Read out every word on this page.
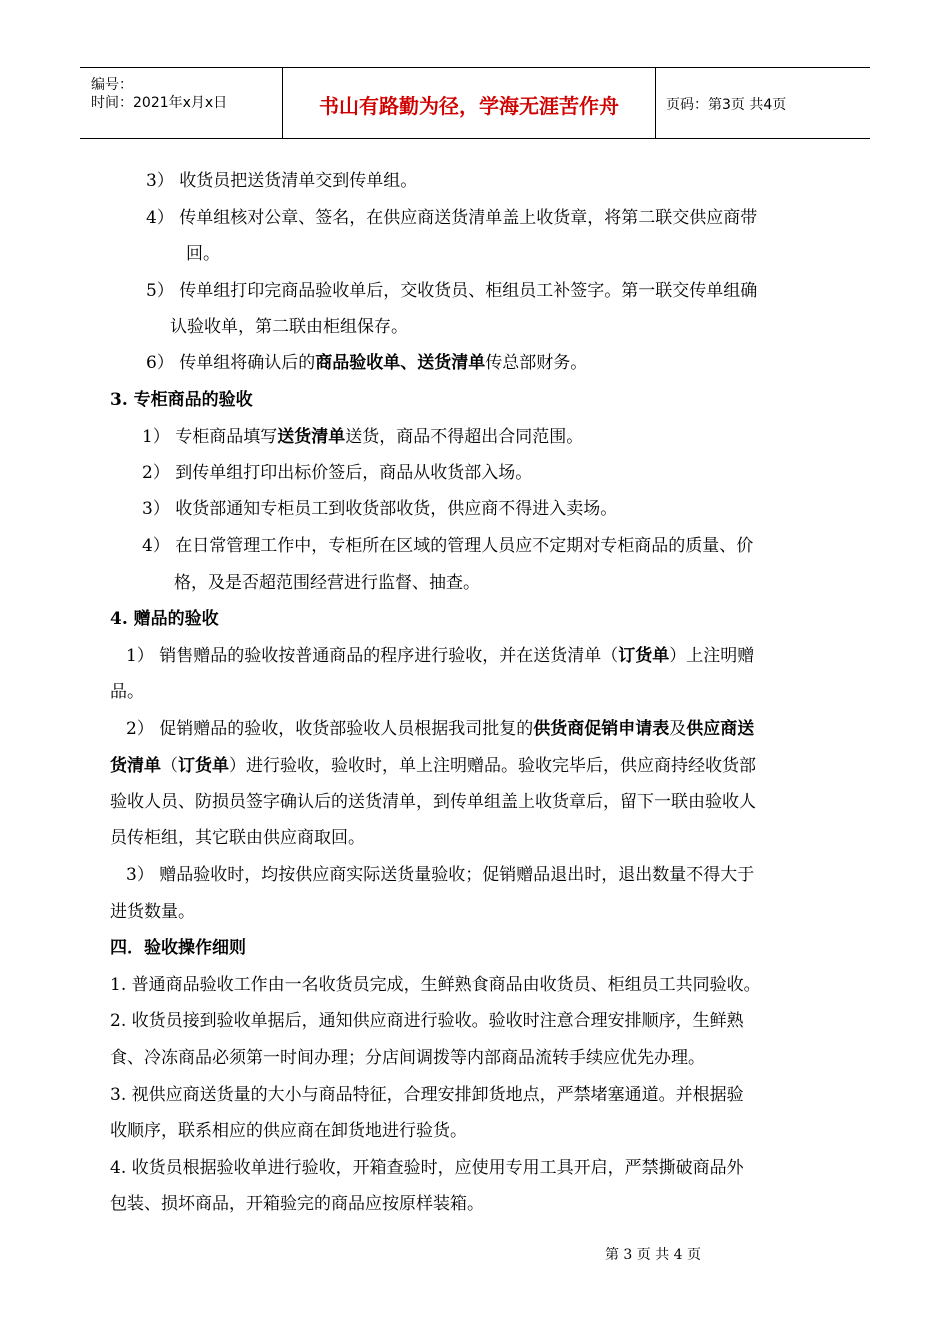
编号：
时间：2021年x月x日	书山有路勤为径，学海无涯苦作舟	页码：第3页 共4页
3） 收货员把送货清单交到传单组。
4） 传单组核对公章、签名，在供应商送货清单盖上收货章，将第二联交供应商带
回。
5） 传单组打印完商品验收单后，交收货员、柜组员工补签字。第一联交传单组确
认验收单，第二联由柜组保存。
6） 传单组将确认后的商品验收单、送货清单传总部财务。
3. 专柜商品的验收
1） 专柜商品填写送货清单送货，商品不得超出合同范围。
2） 到传单组打印出标价签后，商品从收货部入场。
3） 收货部通知专柜员工到收货部收货，供应商不得进入卖场。
4） 在日常管理工作中，专柜所在区域的管理人员应不定期对专柜商品的质量、价
格，及是否超范围经营进行监督、抽查。
4. 赠品的验收
1） 销售赠品的验收按普通商品的程序进行验收，并在送货清单（订货单）上注明赠
品。
2） 促销赠品的验收，收货部验收人员根据我司批复的供货商促销申请表及供应商送
货清单（订货单）进行验收，验收时，单上注明赠品。验收完毕后，供应商持经收货部
验收人员、防损员签字确认后的送货清单，到传单组盖上收货章后，留下一联由验收人
员传柜组，其它联由供应商取回。
3） 赠品验收时，均按供应商实际送货量验收；促销赠品退出时，退出数量不得大于
进货数量。
四．验收操作细则
1. 普通商品验收工作由一名收货员完成，生鲜熟食商品由收货员、柜组员工共同验收。
2. 收货员接到验收单据后，通知供应商进行验收。验收时注意合理安排顺序，生鲜熟
食、冷冻商品必须第一时间办理；分店间调拨等内部商品流转手续应优先办理。
3. 视供应商送货量的大小与商品特征，合理安排卸货地点，严禁堵塞通道。并根据验
收顺序，联系相应的供应商在卸货地进行验货。
4. 收货员根据验收单进行验收，开箱查验时，应使用专用工具开启，严禁撕破商品外
包装、损坏商品，开箱验完的商品应按原样装箱。
第 3 页 共 4 页
